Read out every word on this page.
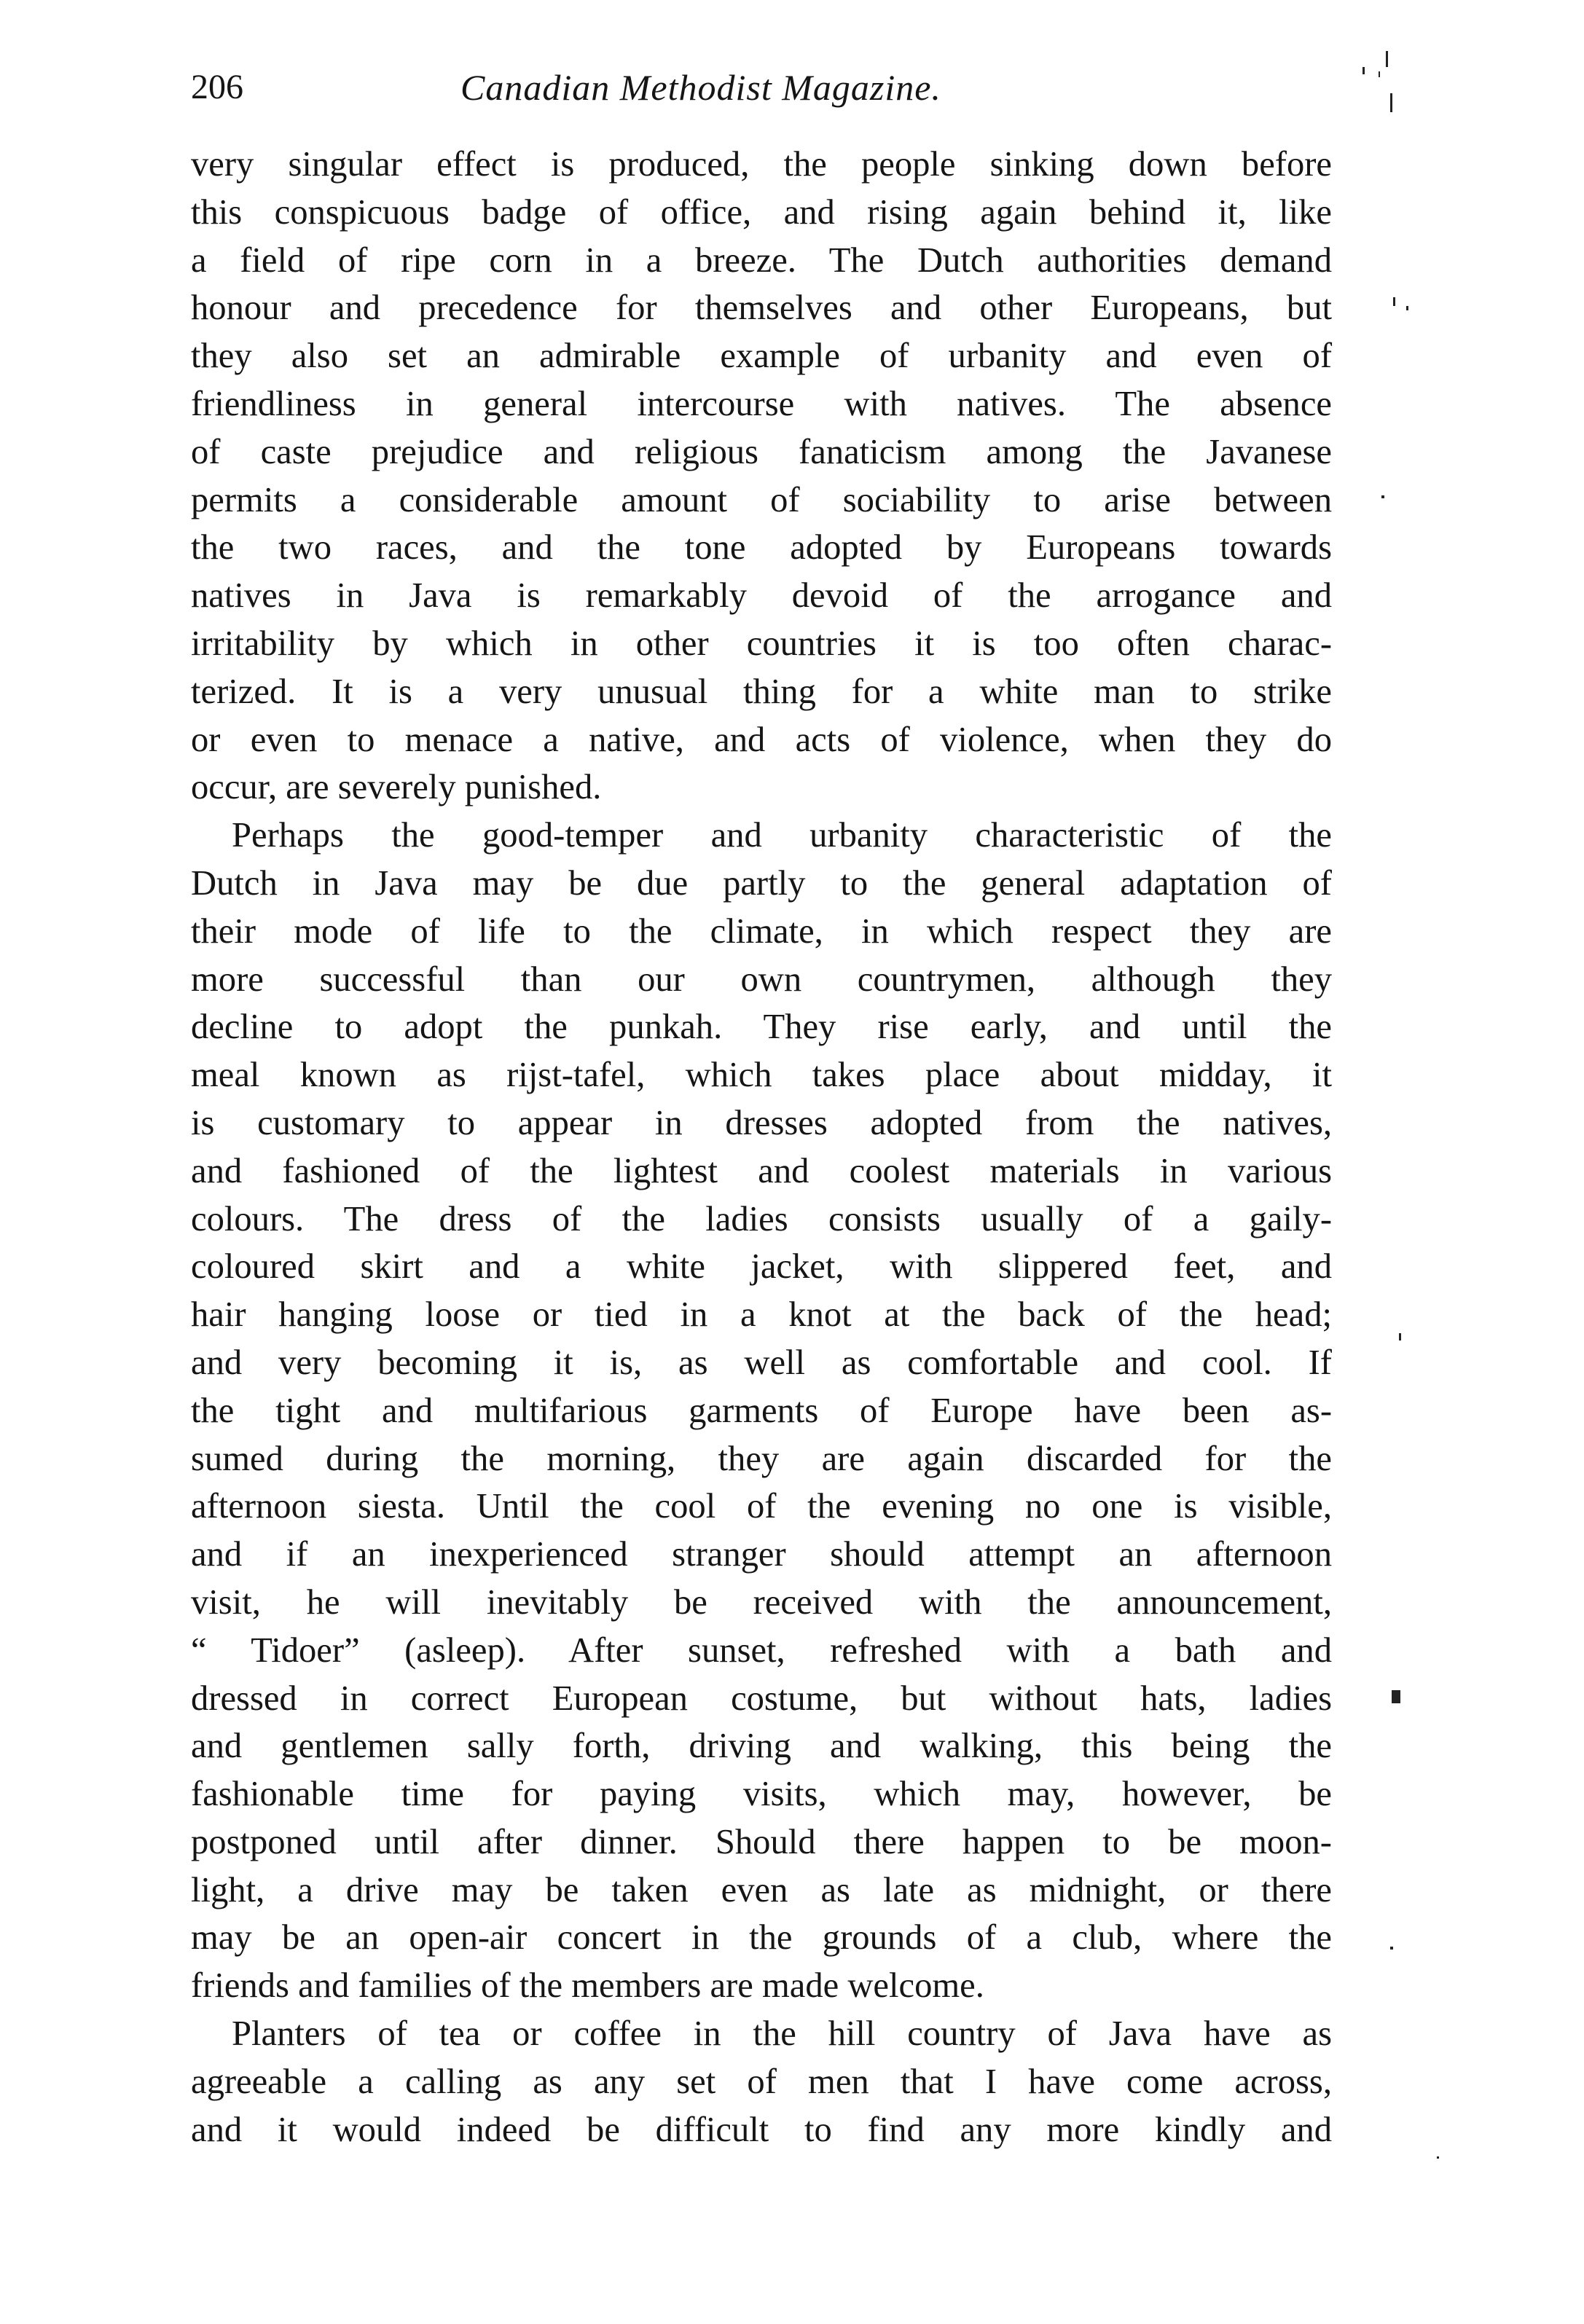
206	Canadian Methodist Magazine.
very singular effect is produced, the people sinking down before
this conspicuous badge of office, and rising again behind it, like
a field of ripe corn in a breeze. The Dutch authorities demand
honour and precedence for themselves and other Europeans, but
they also set an admirable example of urbanity and even of
friendliness in general intercourse with natives. The absence
of caste prejudice and religious fanaticism among the Javanese
permits a considerable amount of sociability to arise between
the two races, and the tone adopted by Europeans towards
natives in Java is remarkably devoid of the arrogance and
irritability by which in other countries it is too often charac-
terized. It is a very unusual thing for a white man to strike
or even to menace a native, and acts of violence, when they do
occur, are severely punished.
Perhaps the good-temper and urbanity characteristic of the
Dutch in Java may be due partly to the general adaptation of
their mode of life to the climate, in which respect they are
more successful than our own countrymen, although they
decline to adopt the punkah. They rise early, and until the
meal known as rijst-tafel, which takes place about midday, it
is customary to appear in dresses adopted from the natives,
and fashioned of the lightest and coolest materials in various
colours. The dress of the ladies consists usually of a gaily-
coloured skirt and a white jacket, with slippered feet, and
hair hanging loose or tied in a knot at the back of the head;
and very becoming it is, as well as comfortable and cool. If
the tight and multifarious garments of Europe have been as-
sumed during the morning, they are again discarded for the
afternoon siesta. Until the cool of the evening no one is visible,
and if an inexperienced stranger should attempt an afternoon
visit, he will inevitably be received with the announcement,
“ Tidoer” (asleep). After sunset, refreshed with a bath and
dressed in correct European costume, but without hats, ladies
and gentlemen sally forth, driving and walking, this being the
fashionable time for paying visits, which may, however, be
postponed until after dinner. Should there happen to be moon-
light, a drive may be taken even as late as midnight, or there
may be an open-air concert in the grounds of a club, where the
friends and families of the members are made welcome.
Planters of tea or coffee in the hill country of Java have as
agreeable a calling as any set of men that I have come across,
and it would indeed be difficult to find any more kindly and
